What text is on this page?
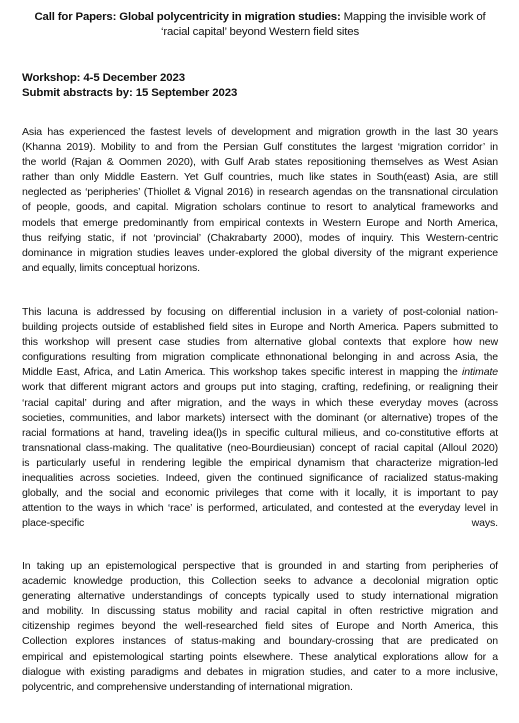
Call for Papers: Global polycentricity in migration studies: Mapping the invisible work of
‘racial capital’ beyond Western field sites
Workshop: 4-5 December 2023
Submit abstracts by: 15 September 2023
Asia has experienced the fastest levels of development and migration growth in the last 30 years
(Khanna 2019). Mobility to and from the Persian Gulf constitutes the largest ‘migration corridor’ in
the world (Rajan & Oommen 2020), with Gulf Arab states repositioning themselves as West Asian
rather than only Middle Eastern. Yet Gulf countries, much like states in South(east) Asia, are still
neglected as ‘peripheries’ (Thiollet & Vignal 2016) in research agendas on the transnational circulation
of people, goods, and capital. Migration scholars continue to resort to analytical frameworks and
models that emerge predominantly from empirical contexts in Western Europe and North America,
thus reifying static, if not ‘provincial’ (Chakrabarty 2000), modes of inquiry. This Western-centric
dominance in migration studies leaves under-explored the global diversity of the migrant experience
and equally, limits conceptual horizons.
This lacuna is addressed by focusing on differential inclusion in a variety of post-colonial nation-
building projects outside of established field sites in Europe and North America. Papers submitted to
this workshop will present case studies from alternative global contexts that explore how new
configurations resulting from migration complicate ethnonational belonging in and across Asia, the
Middle East, Africa, and Latin America. This workshop takes specific interest in mapping the intimate
work that different migrant actors and groups put into staging, crafting, redefining, or realigning their
‘racial capital’ during and after migration, and the ways in which these everyday moves (across
societies, communities, and labor markets) intersect with the dominant (or alternative) tropes of the
racial formations at hand, traveling idea(l)s in specific cultural milieus, and co-constitutive efforts at
transnational class-making. The qualitative (neo-Bourdieusian) concept of racial capital (Alloul 2020)
is particularly useful in rendering legible the empirical dynamism that characterize migration-led
inequalities across societies. Indeed, given the continued significance of racialized status-making
globally, and the social and economic privileges that come with it locally, it is important to pay
attention to the ways in which ‘race’ is performed, articulated, and contested at the everyday level in
place-specific ways.
In taking up an epistemological perspective that is grounded in and starting from peripheries of
academic knowledge production, this Collection seeks to advance a decolonial migration optic
generating alternative understandings of concepts typically used to study international migration
and mobility. In discussing status mobility and racial capital in often restrictive migration and
citizenship regimes beyond the well-researched field sites of Europe and North America, this
Collection explores instances of status-making and boundary-crossing that are predicated on
empirical and epistemological starting points elsewhere. These analytical explorations allow for a
dialogue with existing paradigms and debates in migration studies, and cater to a more inclusive,
polycentric, and comprehensive understanding of international migration.
